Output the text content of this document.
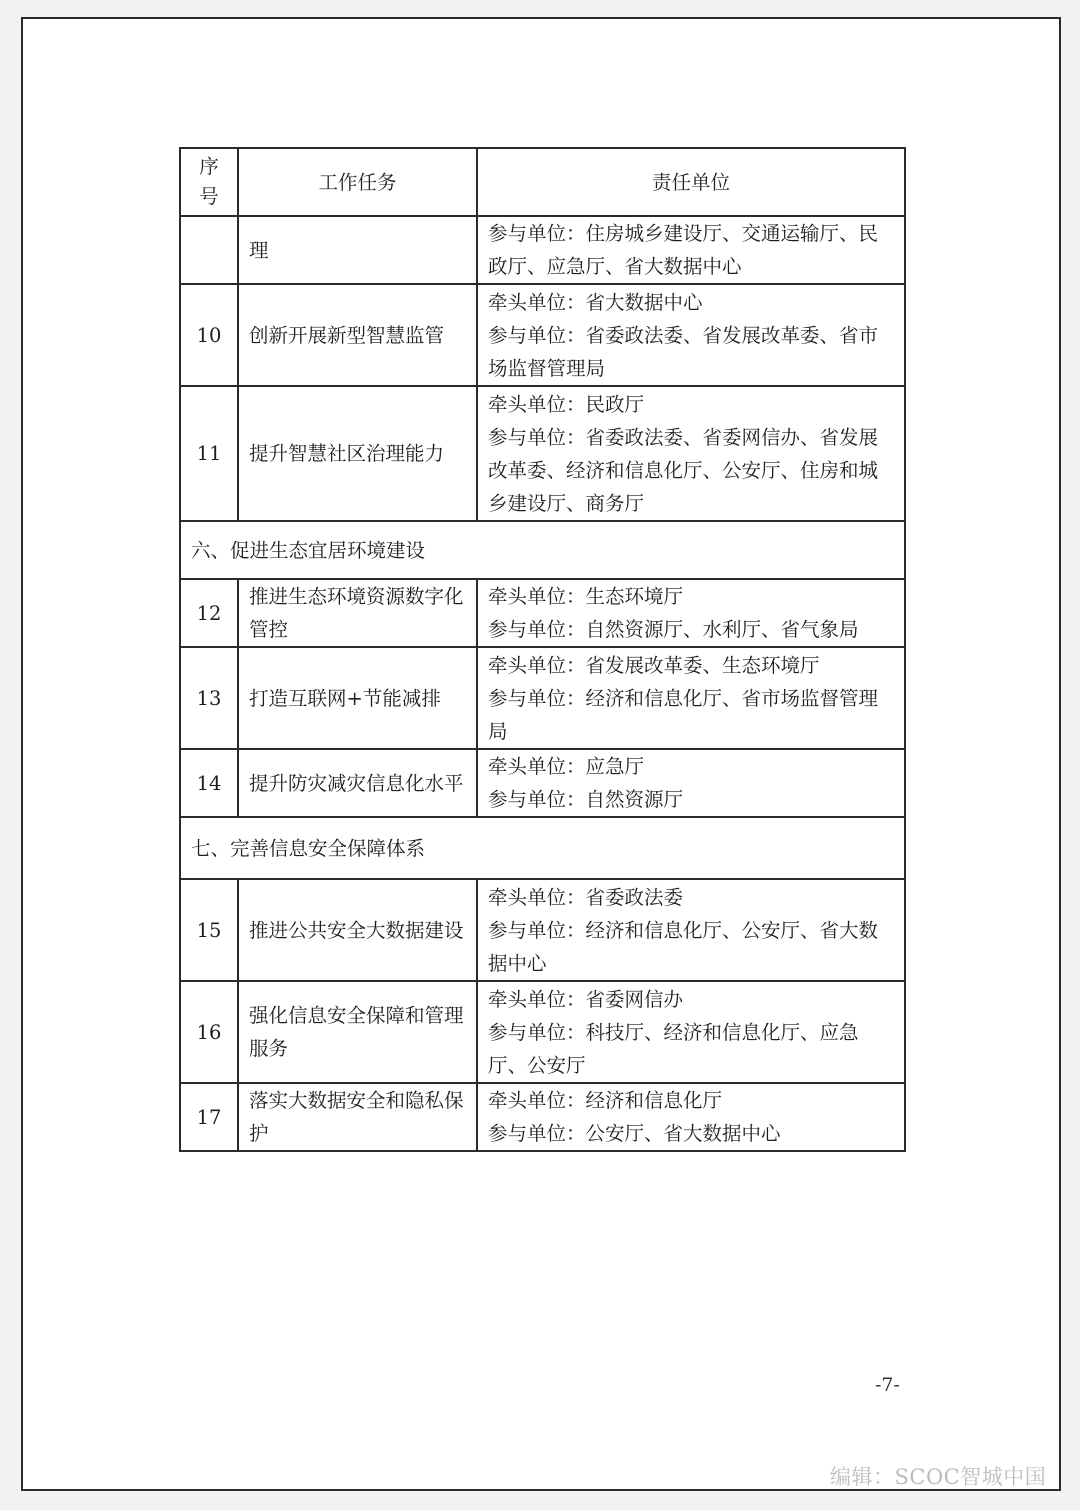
序号	工作任务	责任单位
	理	参与单位：住房城乡建设厅、交通运输厅、民政厅、应急厅、省大数据中心

10	创新开展新型智慧监管	牵头单位：省大数据中心
参与单位：省委政法委、省发展改革委、省市场监督管理局

11	提升智慧社区治理能力	牵头单位：民政厅
参与单位：省委政法委、省委网信办、省发展改革委、经济和信息化厅、公安厅、住房和城乡建设厅、商务厅

六、促进生态宜居环境建设		
12	推进生态环境资源数字化管控	牵头单位：生态环境厅
参与单位：自然资源厅、水利厅、省气象局

13	打造互联网+节能减排	牵头单位：省发展改革委、生态环境厅
参与单位：经济和信息化厅、省市场监督管理局

14	提升防灾减灾信息化水平	牵头单位：应急厅
参与单位：自然资源厅

七、完善信息安全保障体系		
15	推进公共安全大数据建设	牵头单位：省委政法委
参与单位：经济和信息化厅、公安厅、省大数据中心

16	强化信息安全保障和管理服务	牵头单位：省委网信办
参与单位：科技厅、经济和信息化厅、应急厅、公安厅

17	落实大数据安全和隐私保护	牵头单位：经济和信息化厅
参与单位：公安厅、省大数据中心
-7-
编辑：SCOC智城中国
